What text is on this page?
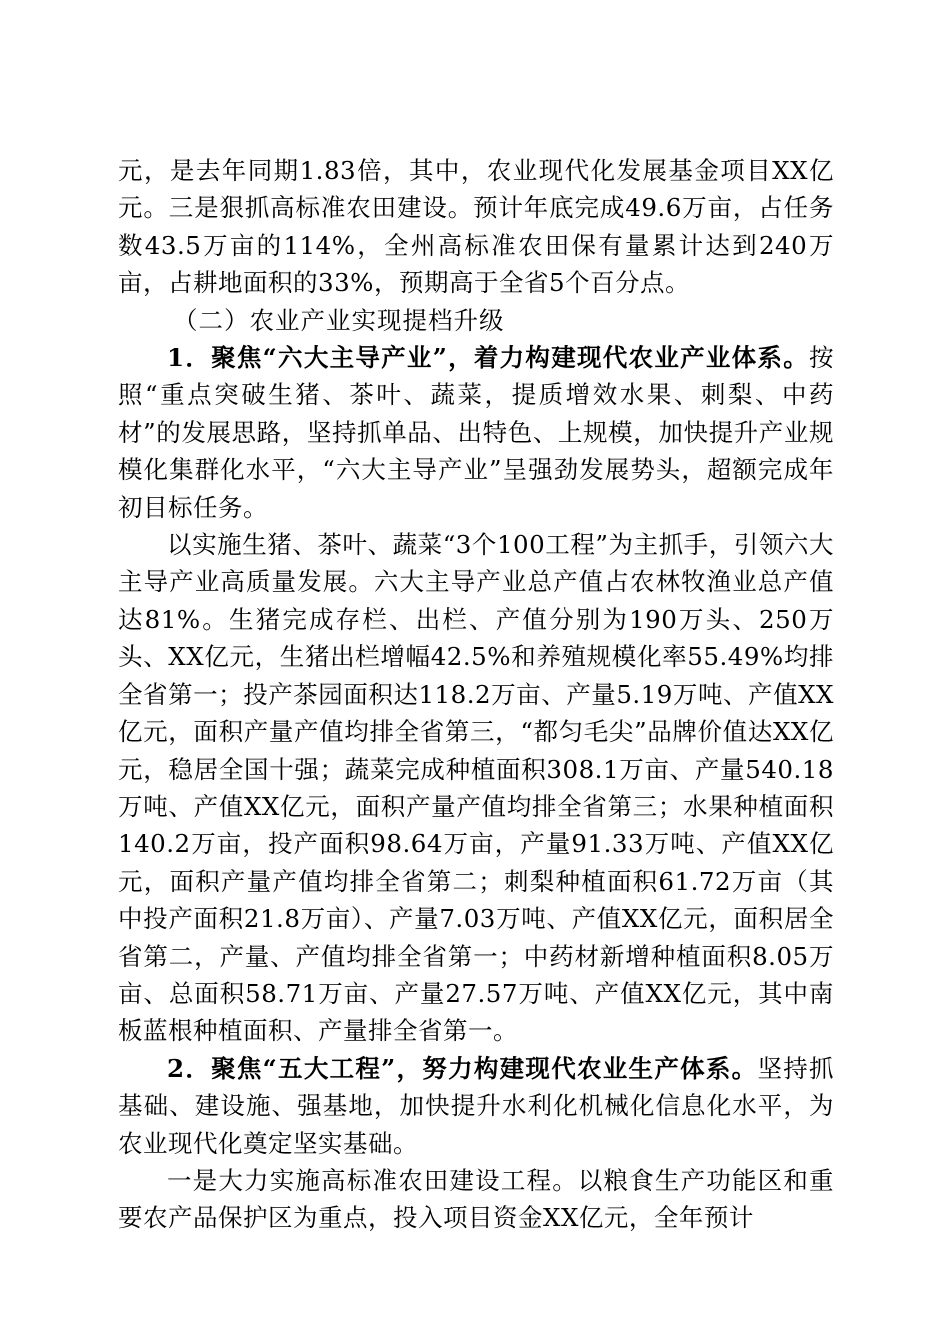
元，是去年同期1.83倍，其中，农业现代化发展基金项目XX亿元。三是狠抓高标准农田建设。预计年底完成49.6万亩，占任务数43.5万亩的114%，全州高标准农田保有量累计达到240万亩，占耕地面积的33%，预期高于全省5个百分点。

（二）农业产业实现提档升级

1．聚焦“六大主导产业”，着力构建现代农业产业体系。按照“重点突破生猪、茶叶、蔬菜，提质增效水果、刺梨、中药材”的发展思路，坚持抓单品、出特色、上规模，加快提升产业规模化集群化水平，“六大主导产业”呈强劲发展势头，超额完成年初目标任务。

以实施生猪、茶叶、蔬菜“3个100工程”为主抓手，引领六大主导产业高质量发展。六大主导产业总产值占农林牧渔业总产值达81%。生猪完成存栏、出栏、产值分别为190万头、250万头、XX亿元，生猪出栏增幅42.5%和养殖规模化率55.49%均排全省第一；投产茶园面积达118.2万亩、产量5.19万吨、产值XX亿元，面积产量产值均排全省第三，“都匀毛尖”品牌价值达XX亿元，稳居全国十强；蔬菜完成种植面积308.1万亩、产量540.18万吨、产值XX亿元，面积产量产值均排全省第三；水果种植面积140.2万亩，投产面积98.64万亩，产量91.33万吨、产值XX亿元，面积产量产值均排全省第二；刺梨种植面积61.72万亩（其中投产面积21.8万亩）、产量7.03万吨、产值XX亿元，面积居全省第二，产量、产值均排全省第一；中药材新增种植面积8.05万亩、总面积58.71万亩、产量27.57万吨、产值XX亿元，其中南板蓝根种植面积、产量排全省第一。

2．聚焦“五大工程”，努力构建现代农业生产体系。坚持抓基础、建设施、强基地，加快提升水利化机械化信息化水平，为农业现代化奠定坚实基础。

一是大力实施高标准农田建设工程。以粮食生产功能区和重要农产品保护区为重点，投入项目资金XX亿元，全年预计
